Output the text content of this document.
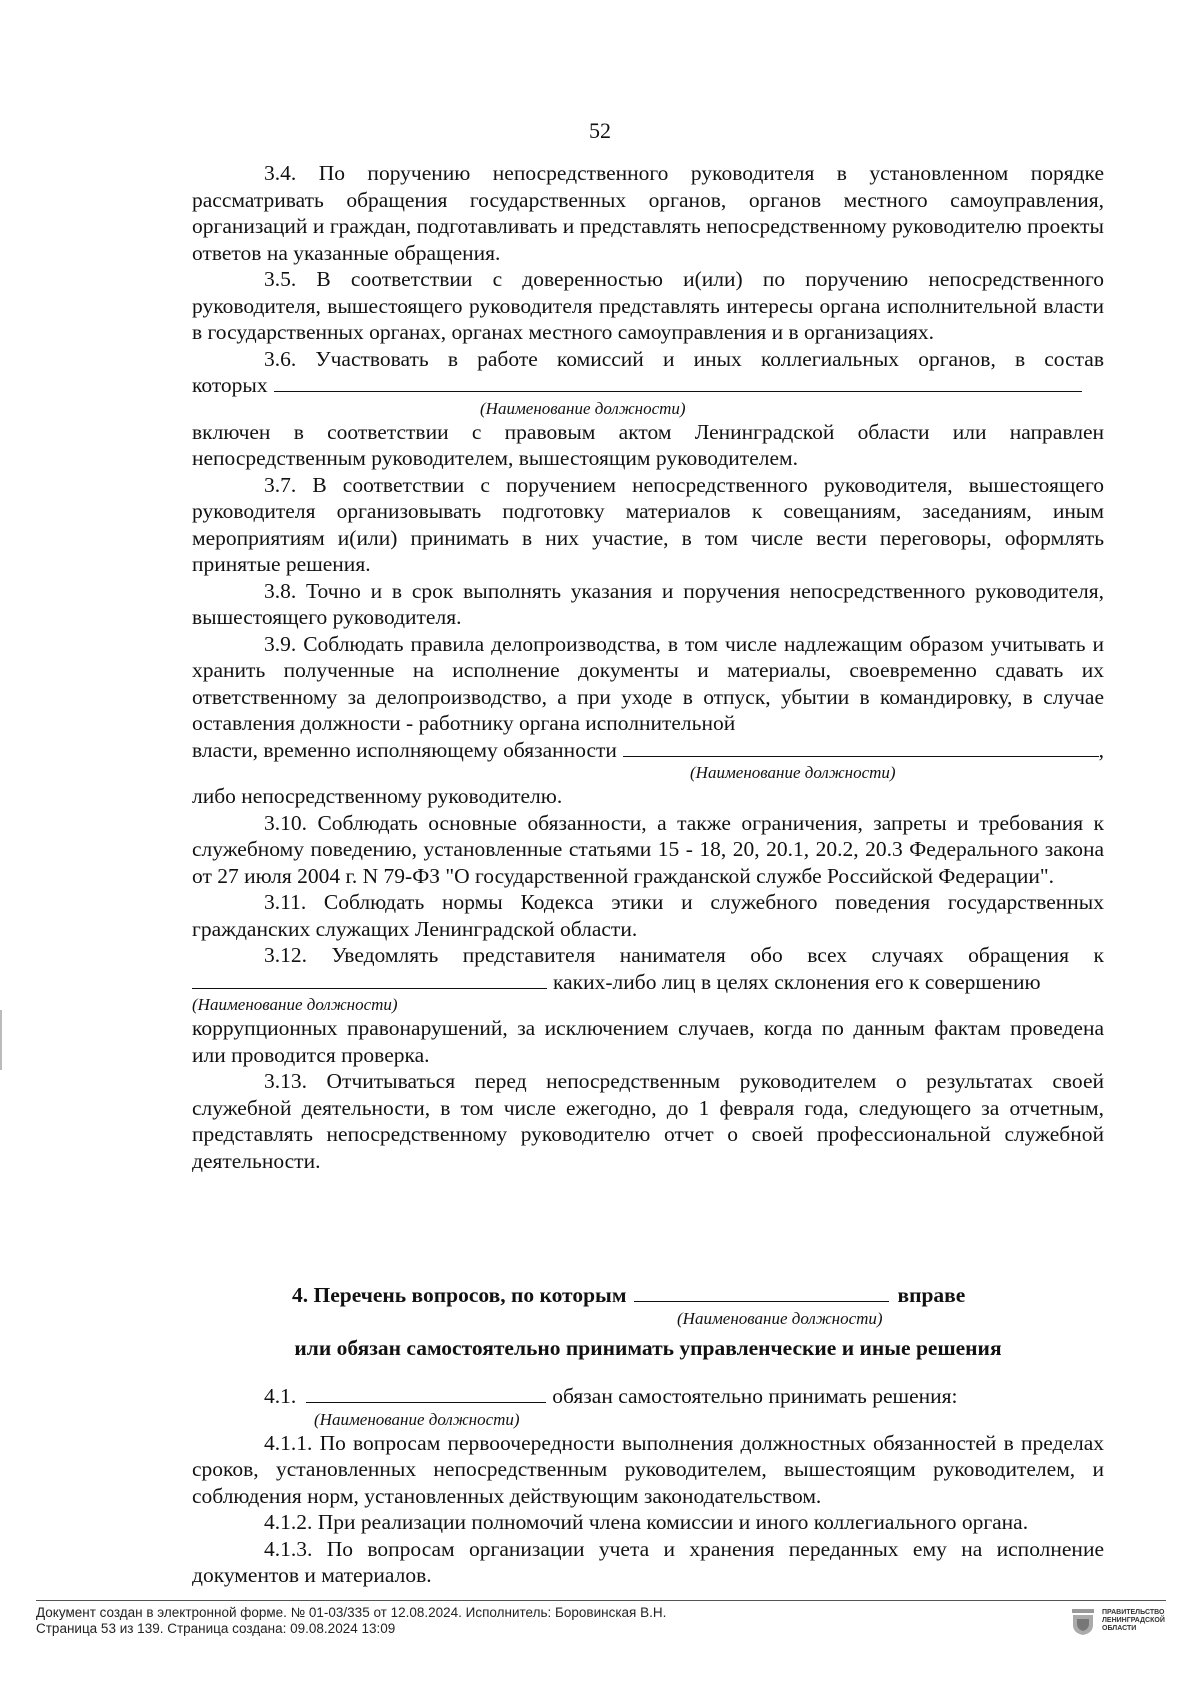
52

3.4. По поручению непосредственного руководителя в установленном порядке рассматривать обращения государственных органов, органов местного самоуправления, организаций и граждан, подготавливать и представлять непосредственному руководителю проекты ответов на указанные обращения.

3.5. В соответствии с доверенностью и(или) по поручению непосредственного руководителя, вышестоящего руководителя представлять интересы органа исполнительной власти в государственных органах, органах местного самоуправления и в организациях.

3.6. Участвовать в работе комиссий и иных коллегиальных органов, в состав

которых
(Наименование должности)

включен в соответствии с правовым актом Ленинградской области или направлен непосредственным руководителем, вышестоящим руководителем.

3.7. В соответствии с поручением непосредственного руководителя, вышестоящего руководителя организовывать подготовку материалов к совещаниям, заседаниям, иным мероприятиям и(или) принимать в них участие, в том числе вести переговоры, оформлять принятые решения.

3.8. Точно и в срок выполнять указания и поручения непосредственного руководителя, вышестоящего руководителя.

3.9. Соблюдать правила делопроизводства, в том числе надлежащим образом учитывать и хранить полученные на исполнение документы и материалы, своевременно сдавать их ответственному за делопроизводство, а при уходе в отпуск, убытии в командировку, в случае оставления должности - работнику органа исполнительной

власти, временно исполняющему обязанности	,
(Наименование должности)

либо непосредственному руководителю.

3.10. Соблюдать основные обязанности, а также ограничения, запреты и требования к служебному поведению, установленные статьями 15 - 18, 20, 20.1, 20.2, 20.3 Федерального закона от 27 июля 2004 г. N 79-ФЗ "О государственной гражданской службе Российской Федерации".

3.11. Соблюдать нормы Кодекса этики и служебного поведения государственных гражданских служащих Ленинградской области.

3.12. Уведомлять представителя нанимателя обо всех случаях обращения к

каких-либо лиц в целях склонения его к совершению
(Наименование должности)

коррупционных правонарушений, за исключением случаев, когда по данным фактам проведена или проводится проверка.

3.13. Отчитываться перед непосредственным руководителем о результатах своей служебной деятельности, в том числе ежегодно, до 1 февраля года, следующего за отчетным, представлять непосредственному руководителю отчет о своей профессиональной служебной деятельности.

4. Перечень вопросов, по которым	вправе
(Наименование должности)
или обязан самостоятельно принимать управленческие и иные решения
4.1.	обязан самостоятельно принимать решения:
(Наименование должности)

4.1.1. По вопросам первоочередности выполнения должностных обязанностей в пределах сроков, установленных непосредственным руководителем, вышестоящим руководителем, и соблюдения норм, установленных действующим законодательством.

4.1.2. При реализации полномочий члена комиссии и иного коллегиального органа.

4.1.3. По вопросам организации учета и хранения переданных ему на исполнение документов и материалов.

Документ создан в электронной форме. № 01-03/335 от 12.08.2024. Исполнитель: Боровинская В.Н.
Страница 53 из 139. Страница создана: 09.08.2024 13:09
ПРАВИТЕЛЬСТВО ЛЕНИНГРАДСКОЙ ОБЛАСТИ
